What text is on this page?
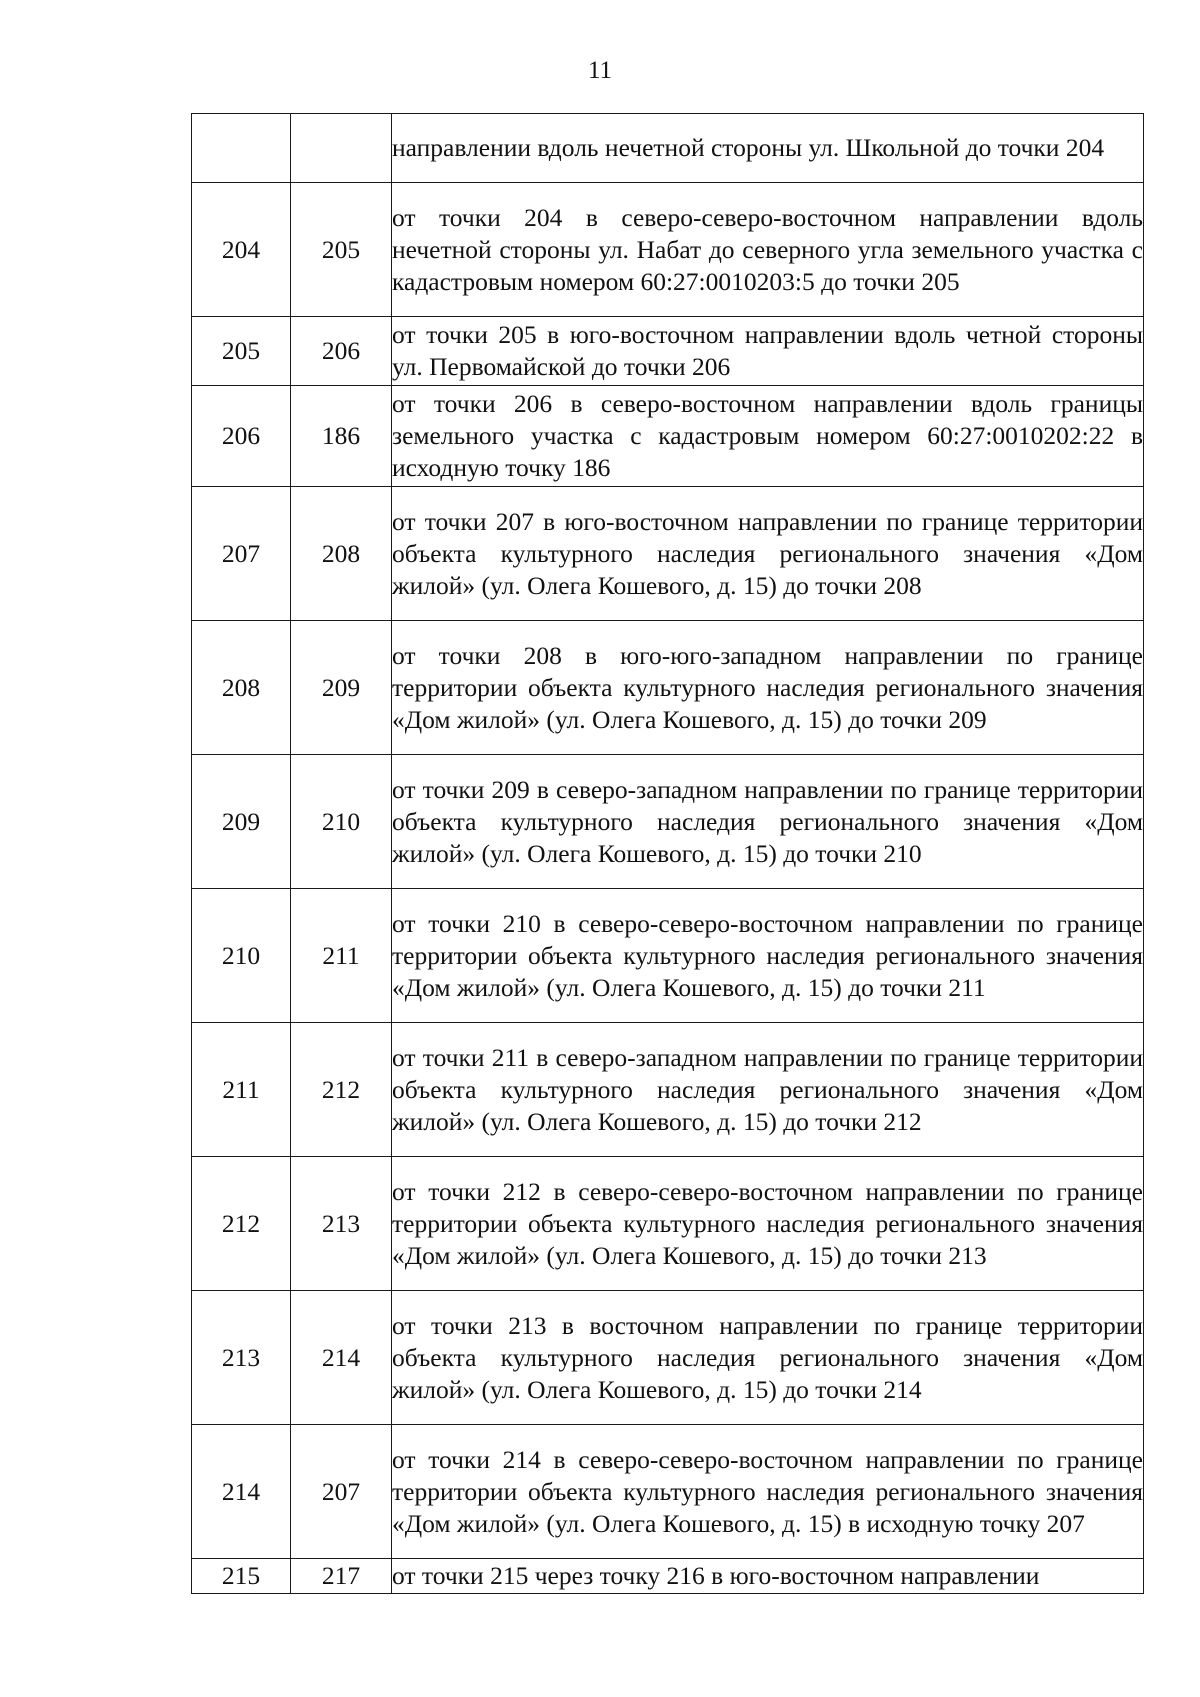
11
		направлении вдоль нечетной стороны ул. Школьной до точки 204
204	205	от точки 204 в северо-северо-восточном направлении вдоль нечетной стороны ул. Набат до северного угла земельного участка с кадастровым номером 60:27:0010203:5 до точки 205
205	206	от точки 205 в юго-восточном направлении вдоль четной стороны ул. Первомайской до точки 206
206	186	от точки 206 в северо-восточном направлении вдоль границы земельного участка с кадастровым номером 60:27:0010202:22 в исходную точку 186
207	208	от точки 207 в юго-восточном направлении по границе территории объекта культурного наследия регионального значения «Дом жилой» (ул. Олега Кошевого, д. 15) до точки 208
208	209	от точки 208 в юго-юго-западном направлении по границе территории объекта культурного наследия регионального значения «Дом жилой» (ул. Олега Кошевого, д. 15) до точки 209
209	210	от точки 209 в северо-западном направлении по границе территории объекта культурного наследия регионального значения «Дом жилой» (ул. Олега Кошевого, д. 15) до точки 210
210	211	от точки 210 в северо-северо-восточном направлении по границе территории объекта культурного наследия регионального значения «Дом жилой» (ул. Олега Кошевого, д. 15) до точки 211
211	212	от точки 211 в северо-западном направлении по границе территории объекта культурного наследия регионального значения «Дом жилой» (ул. Олега Кошевого, д. 15) до точки 212
212	213	от точки 212 в северо-северо-восточном направлении по границе территории объекта культурного наследия регионального значения «Дом жилой» (ул. Олега Кошевого, д. 15) до точки 213
213	214	от точки 213 в восточном направлении по границе территории объекта культурного наследия регионального значения «Дом жилой» (ул. Олега Кошевого, д. 15) до точки 214
214	207	от точки 214 в северо-северо-восточном направлении по границе территории объекта культурного наследия регионального значения «Дом жилой» (ул. Олега Кошевого, д. 15) в исходную точку 207
215	217	от точки 215 через точку 216 в юго-восточном направлении
